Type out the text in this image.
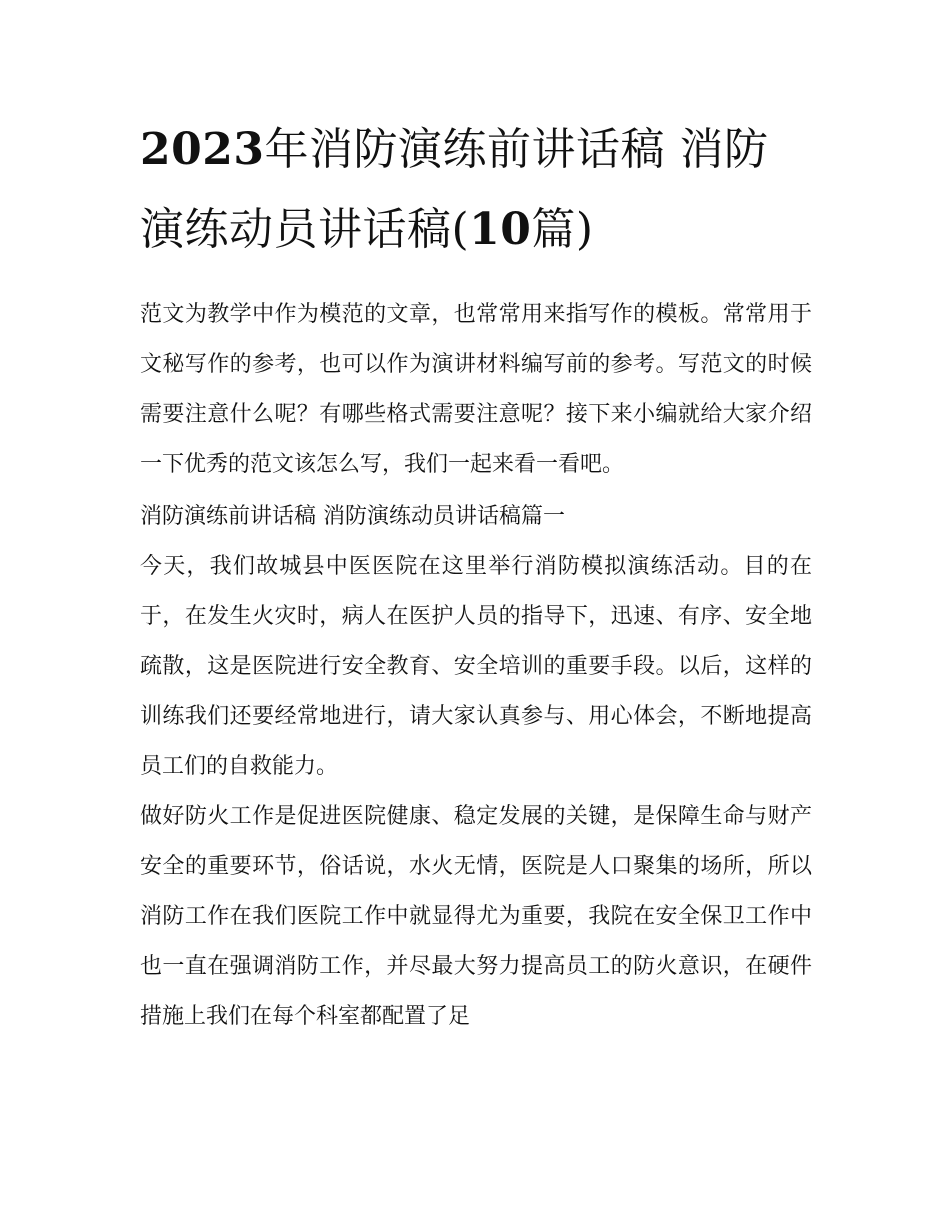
2023年消防演练前讲话稿 消防演练动员讲话稿(10篇)

范文为教学中作为模范的文章，也常常用来指写作的模板。常常用于文秘写作的参考，也可以作为演讲材料编写前的参考。写范文的时候需要注意什么呢？有哪些格式需要注意呢？接下来小编就给大家介绍一下优秀的范文该怎么写，我们一起来看一看吧。

消防演练前讲话稿 消防演练动员讲话稿篇一

今天，我们故城县中医医院在这里举行消防模拟演练活动。目的在于，在发生火灾时，病人在医护人员的指导下，迅速、有序、安全地疏散，这是医院进行安全教育、安全培训的重要手段。以后，这样的训练我们还要经常地进行，请大家认真参与、用心体会，不断地提高员工们的自救能力。

做好防火工作是促进医院健康、稳定发展的关键，是保障生命与财产安全的重要环节，俗话说，水火无情，医院是人口聚集的场所，所以消防工作在我们医院工作中就显得尤为重要，我院在安全保卫工作中也一直在强调消防工作，并尽最大努力提高员工的防火意识，在硬件措施上我们在每个科室都配置了足
